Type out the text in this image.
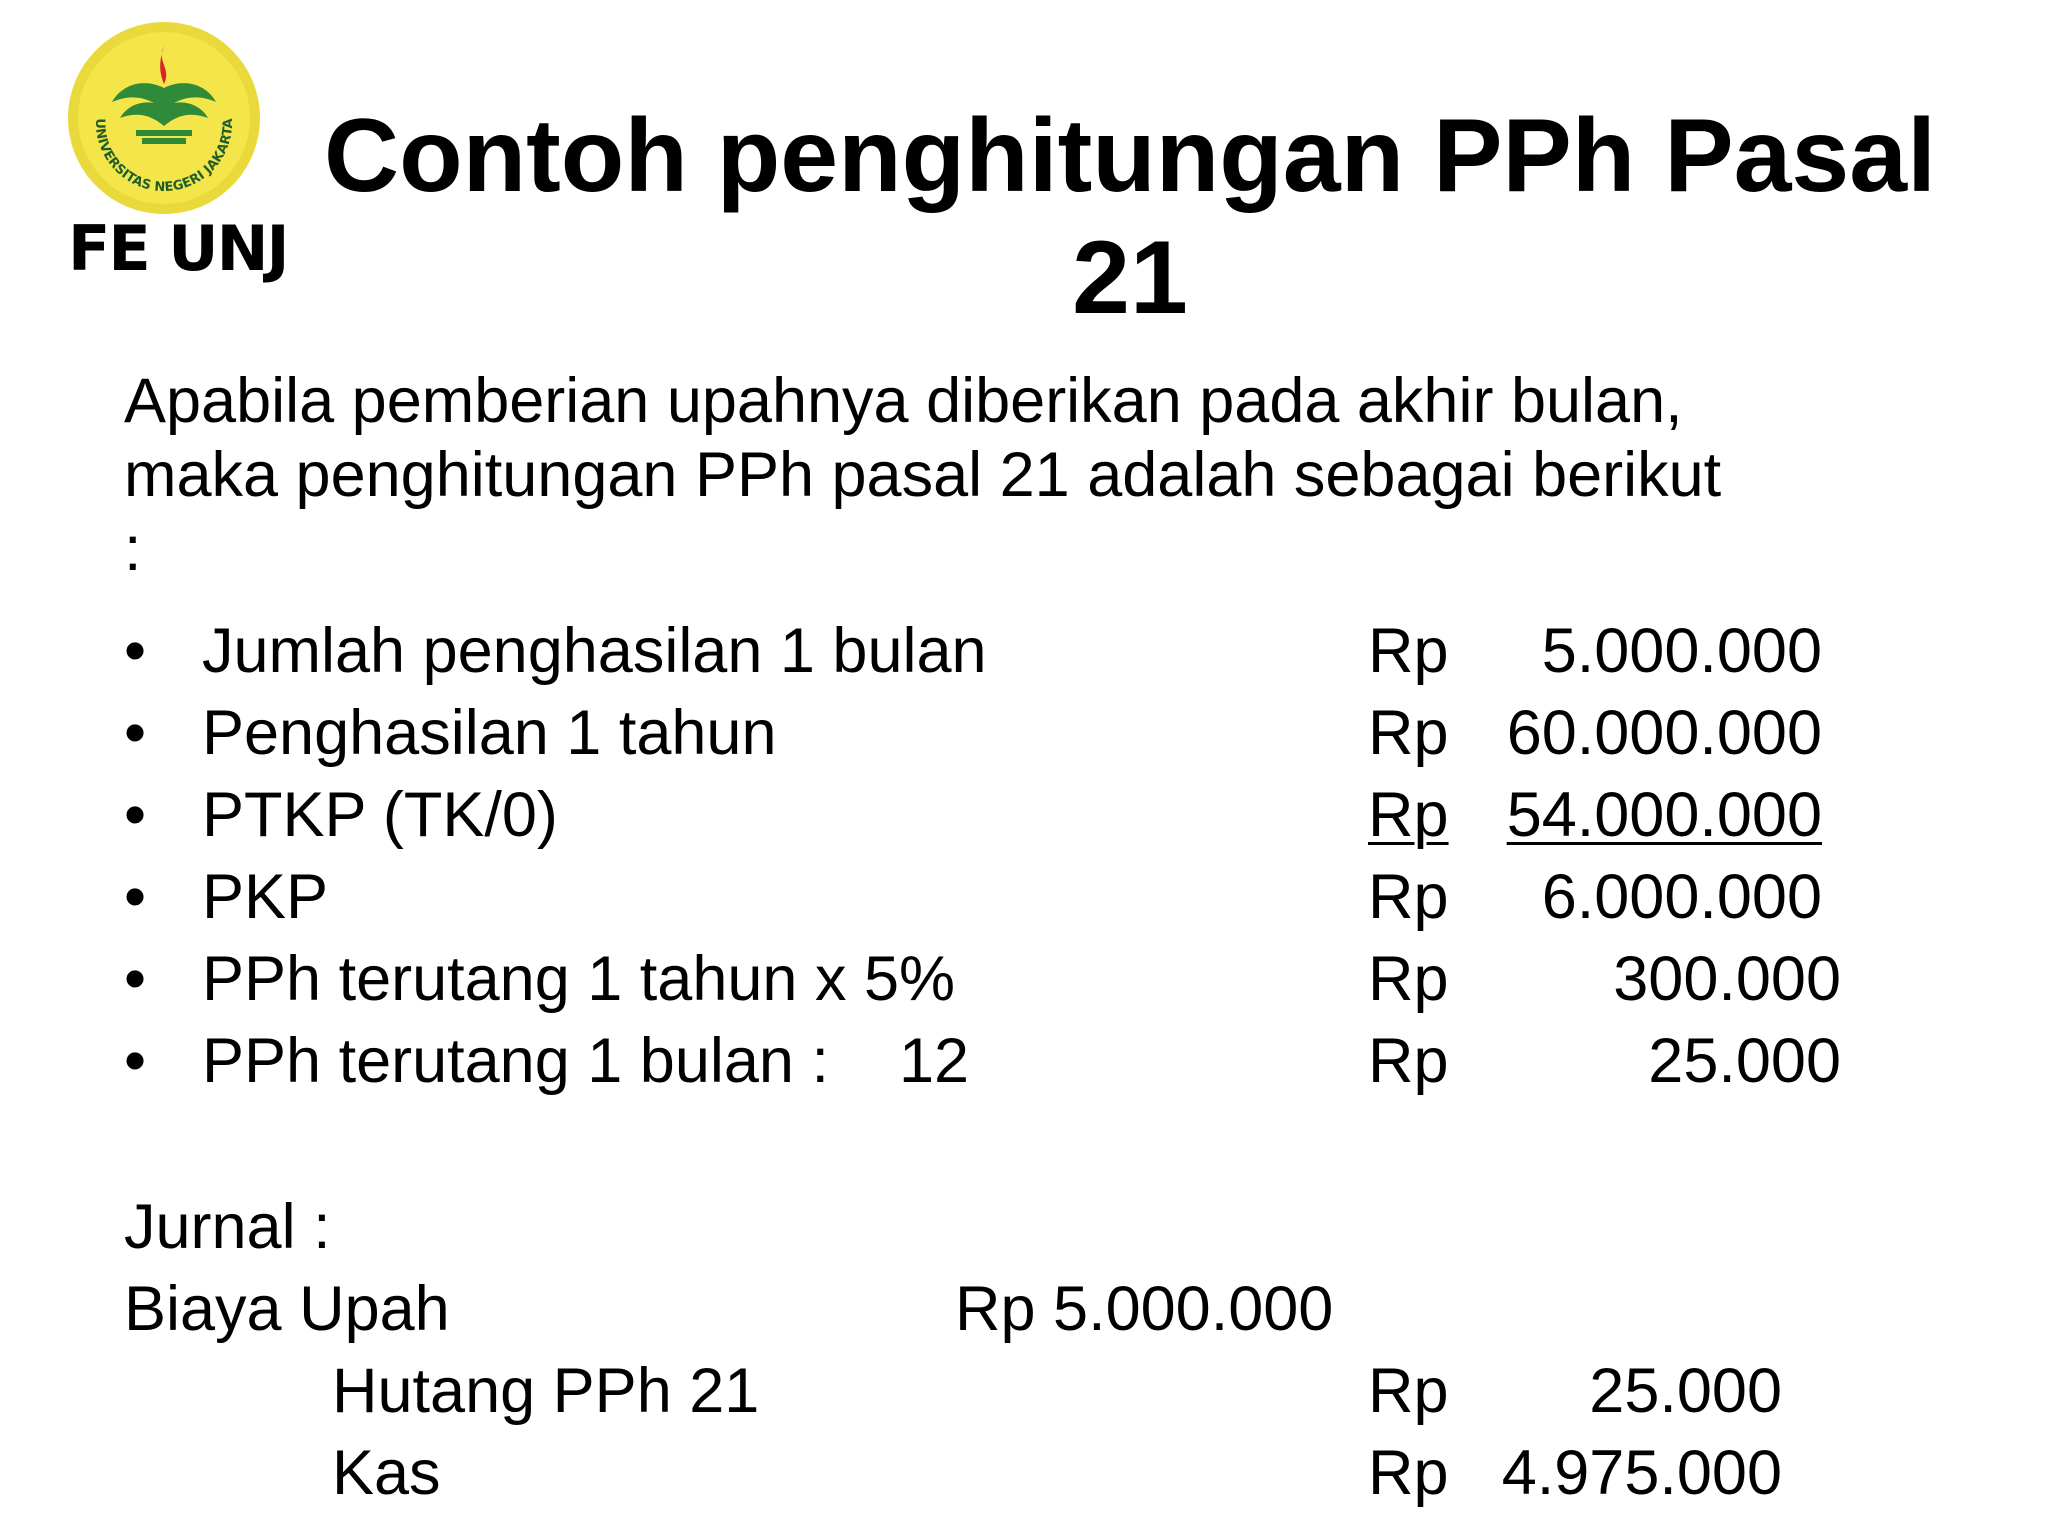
UNIVERSITAS NEGERI JAKARTA
FE UNJ
Contoh penghitungan PPh Pasal 21
Apabila pemberian upahnya diberikan pada akhir bulan, maka penghitungan PPh pasal 21 adalah sebagai berikut :
• Jumlah penghasilan 1 bulan	Rp 5.000.000
• Penghasilan 1 tahun	Rp 60.000.000
• PTKP (TK/0)	Rp 54.000.000
• PKP	Rp 6.000.000
• PPh terutang 1 tahun x 5%	Rp	300.000
• PPh terutang 1 bulan :    12	Rp	25.000
Jurnal :
Biaya Upah	Rp 5.000.000
Hutang PPh 21	Rp 25.000
Kas	Rp 4.975.000
